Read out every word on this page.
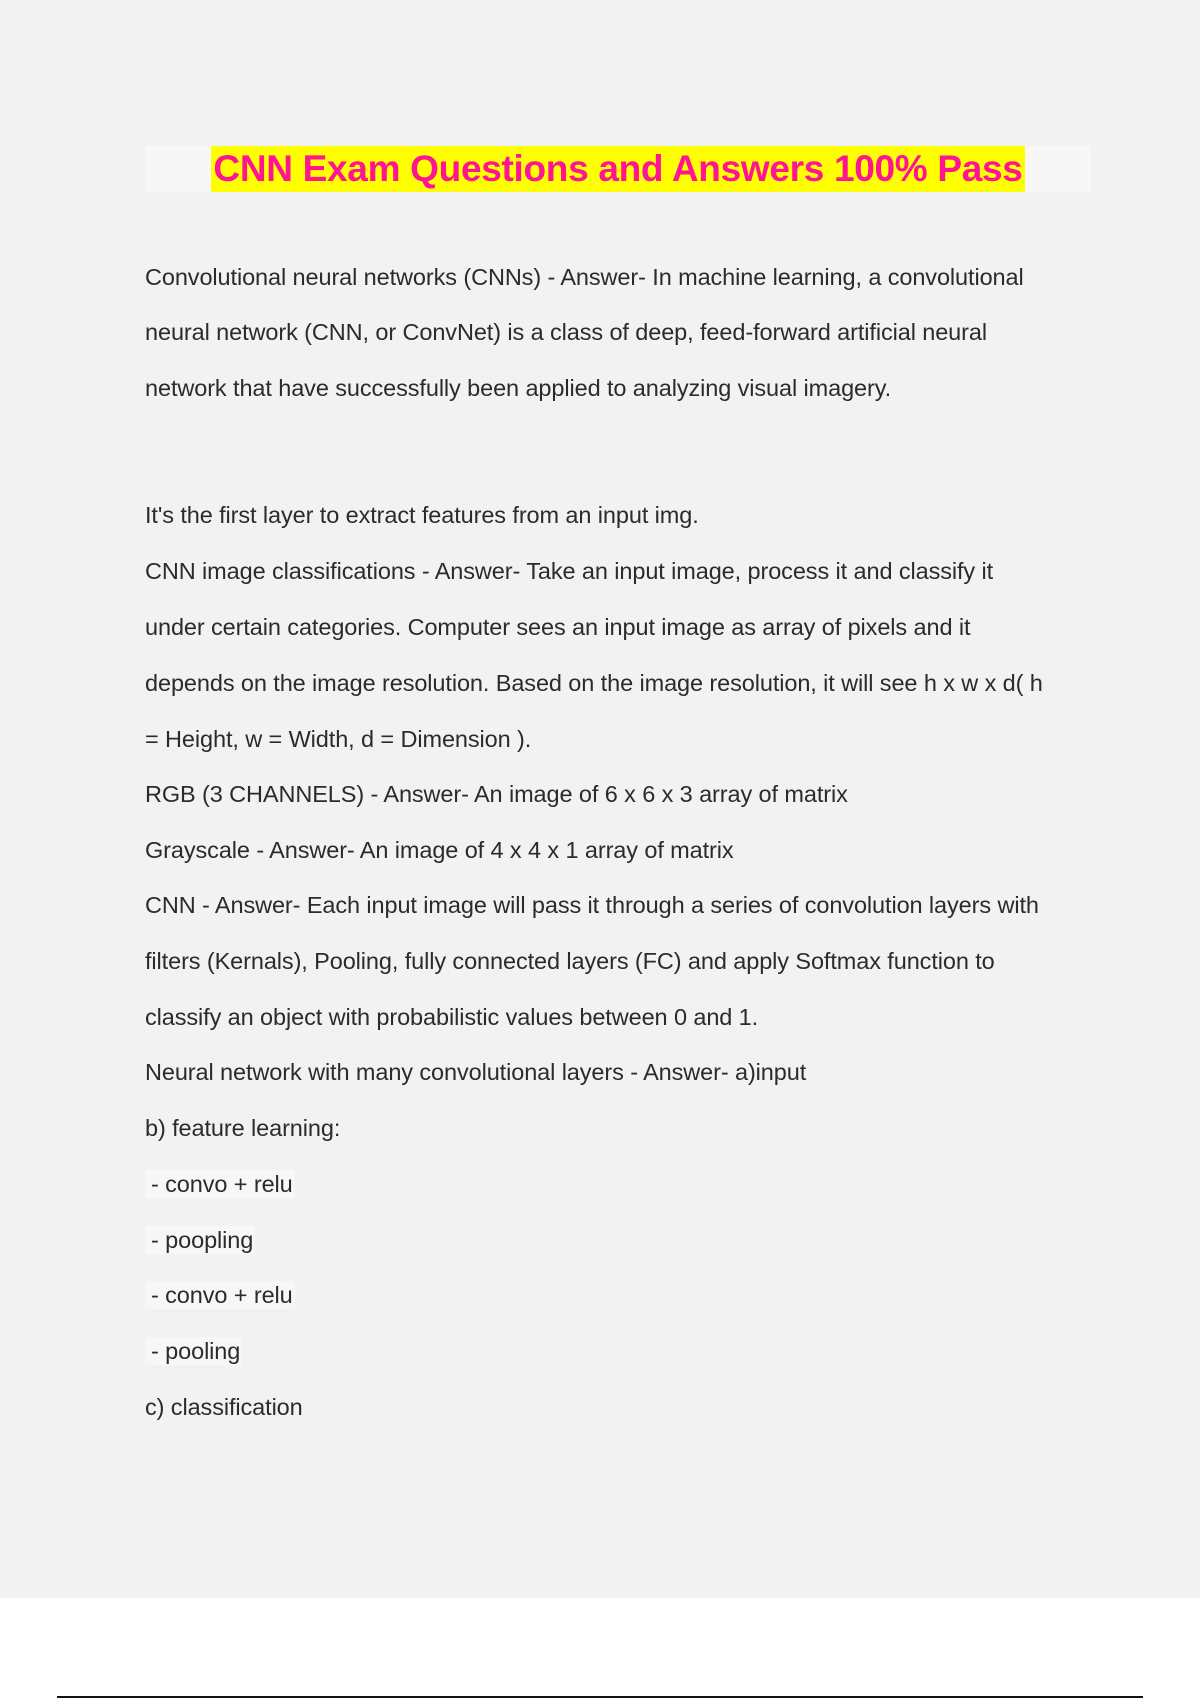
CNN Exam Questions and Answers 100% Pass
Convolutional neural networks (CNNs) - Answer- In machine learning, a convolutional
neural network (CNN, or ConvNet) is a class of deep, feed-forward artificial neural
network that have successfully been applied to analyzing visual imagery.
It's the first layer to extract features from an input img.
CNN image classifications - Answer- Take an input image, process it and classify it
under certain categories. Computer sees an input image as array of pixels and it
depends on the image resolution. Based on the image resolution, it will see h x w x d( h
= Height, w = Width, d = Dimension ).
RGB (3 CHANNELS) - Answer- An image of 6 x 6 x 3 array of matrix
Grayscale - Answer- An image of 4 x 4 x 1 array of matrix
CNN - Answer- Each input image will pass it through a series of convolution layers with
filters (Kernals), Pooling, fully connected layers (FC) and apply Softmax function to
classify an object with probabilistic values between 0 and 1.
Neural network with many convolutional layers - Answer- a)input
b) feature learning:
- convo + relu
- poopling
- convo + relu
- pooling
c) classification
